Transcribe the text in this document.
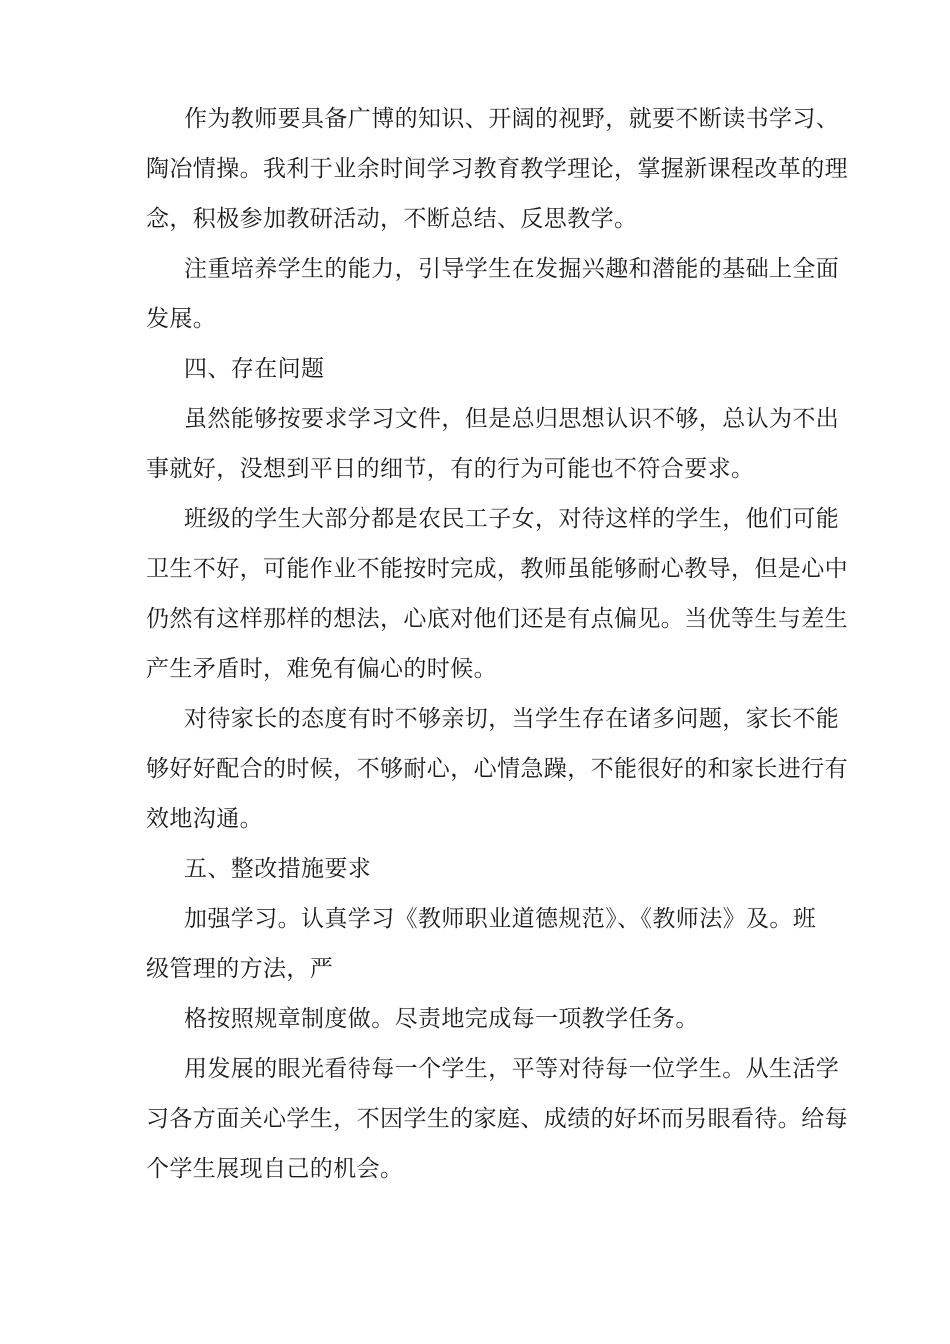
作为教师要具备广博的知识、开阔的视野，就要不断读书学习、
陶冶情操。我利于业余时间学习教育教学理论，掌握新课程改革的理
念，积极参加教研活动，不断总结、反思教学。
注重培养学生的能力，引导学生在发掘兴趣和潜能的基础上全面
发展。
四、存在问题
虽然能够按要求学习文件，但是总归思想认识不够，总认为不出
事就好，没想到平日的细节，有的行为可能也不符合要求。
班级的学生大部分都是农民工子女，对待这样的学生，他们可能
卫生不好，可能作业不能按时完成，教师虽能够耐心教导，但是心中
仍然有这样那样的想法，心底对他们还是有点偏见。当优等生与差生
产生矛盾时，难免有偏心的时候。
对待家长的态度有时不够亲切，当学生存在诸多问题，家长不能
够好好配合的时候，不够耐心，心情急躁，不能很好的和家长进行有
效地沟通。
五、整改措施要求
加强学习。认真学习《教师职业道德规范》、《教师法》及。班
级管理的方法，严
格按照规章制度做。尽责地完成每一项教学任务。
用发展的眼光看待每一个学生，平等对待每一位学生。从生活学
习各方面关心学生，不因学生的家庭、成绩的好坏而另眼看待。给每
个学生展现自己的机会。
